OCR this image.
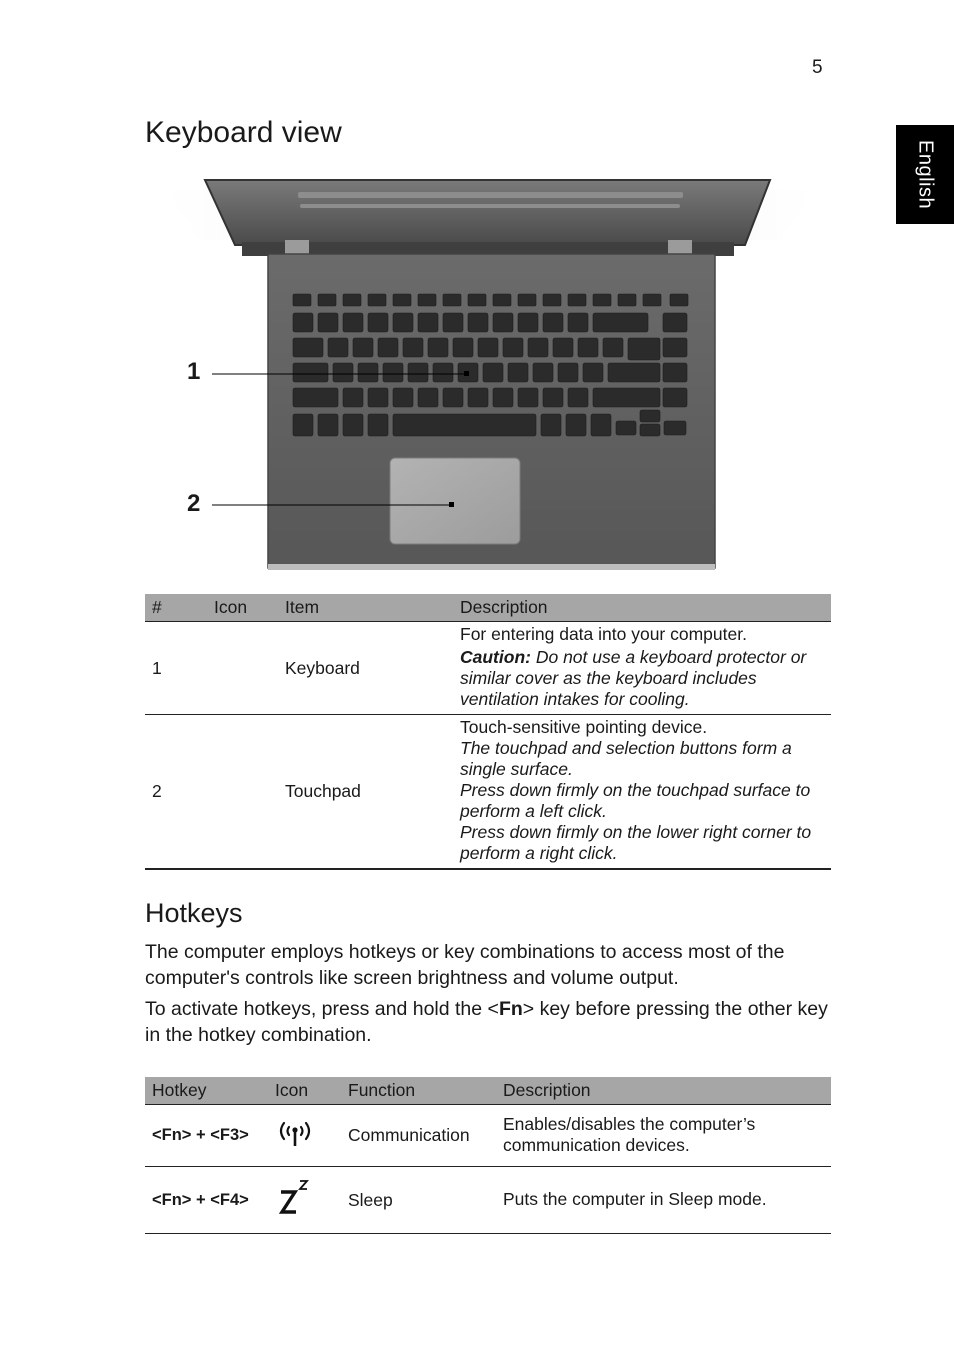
5
English
Keyboard view
1
2
#	Icon	Item	Description
1		Keyboard	For entering data into your computer.

Caution: Do not use a keyboard protector or similar cover as the keyboard includes ventilation intakes for cooling.

2		Touchpad	Touch-sensitive pointing device.

The touchpad and selection buttons form a single surface.

Press down firmly on the touchpad surface to perform a left click.

Press down firmly on the lower right corner to perform a right click.

Hotkeys

The computer employs hotkeys or key combinations to access most of the computer's controls like screen brightness and volume output.

To activate hotkeys, press and hold the <Fn> key before pressing the other key in the hotkey combination.

Hotkey	Icon	Function	Description
<Fn> + <F3>		Communication	Enables/disables the computer’s communication devices.
<Fn> + <F4>		Sleep	Puts the computer in Sleep mode.
